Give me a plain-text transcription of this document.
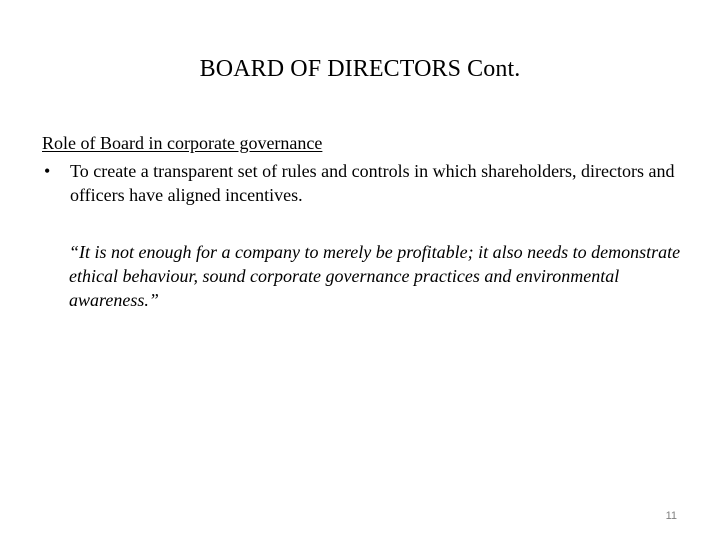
BOARD OF DIRECTORS Cont.
Role of Board in corporate governance
• To create a transparent set of rules and controls in which shareholders, directors and officers have aligned incentives.
“It is not enough for a company to merely be profitable; it also needs to demonstrate ethical behaviour, sound corporate governance practices and environmental awareness.”
11
